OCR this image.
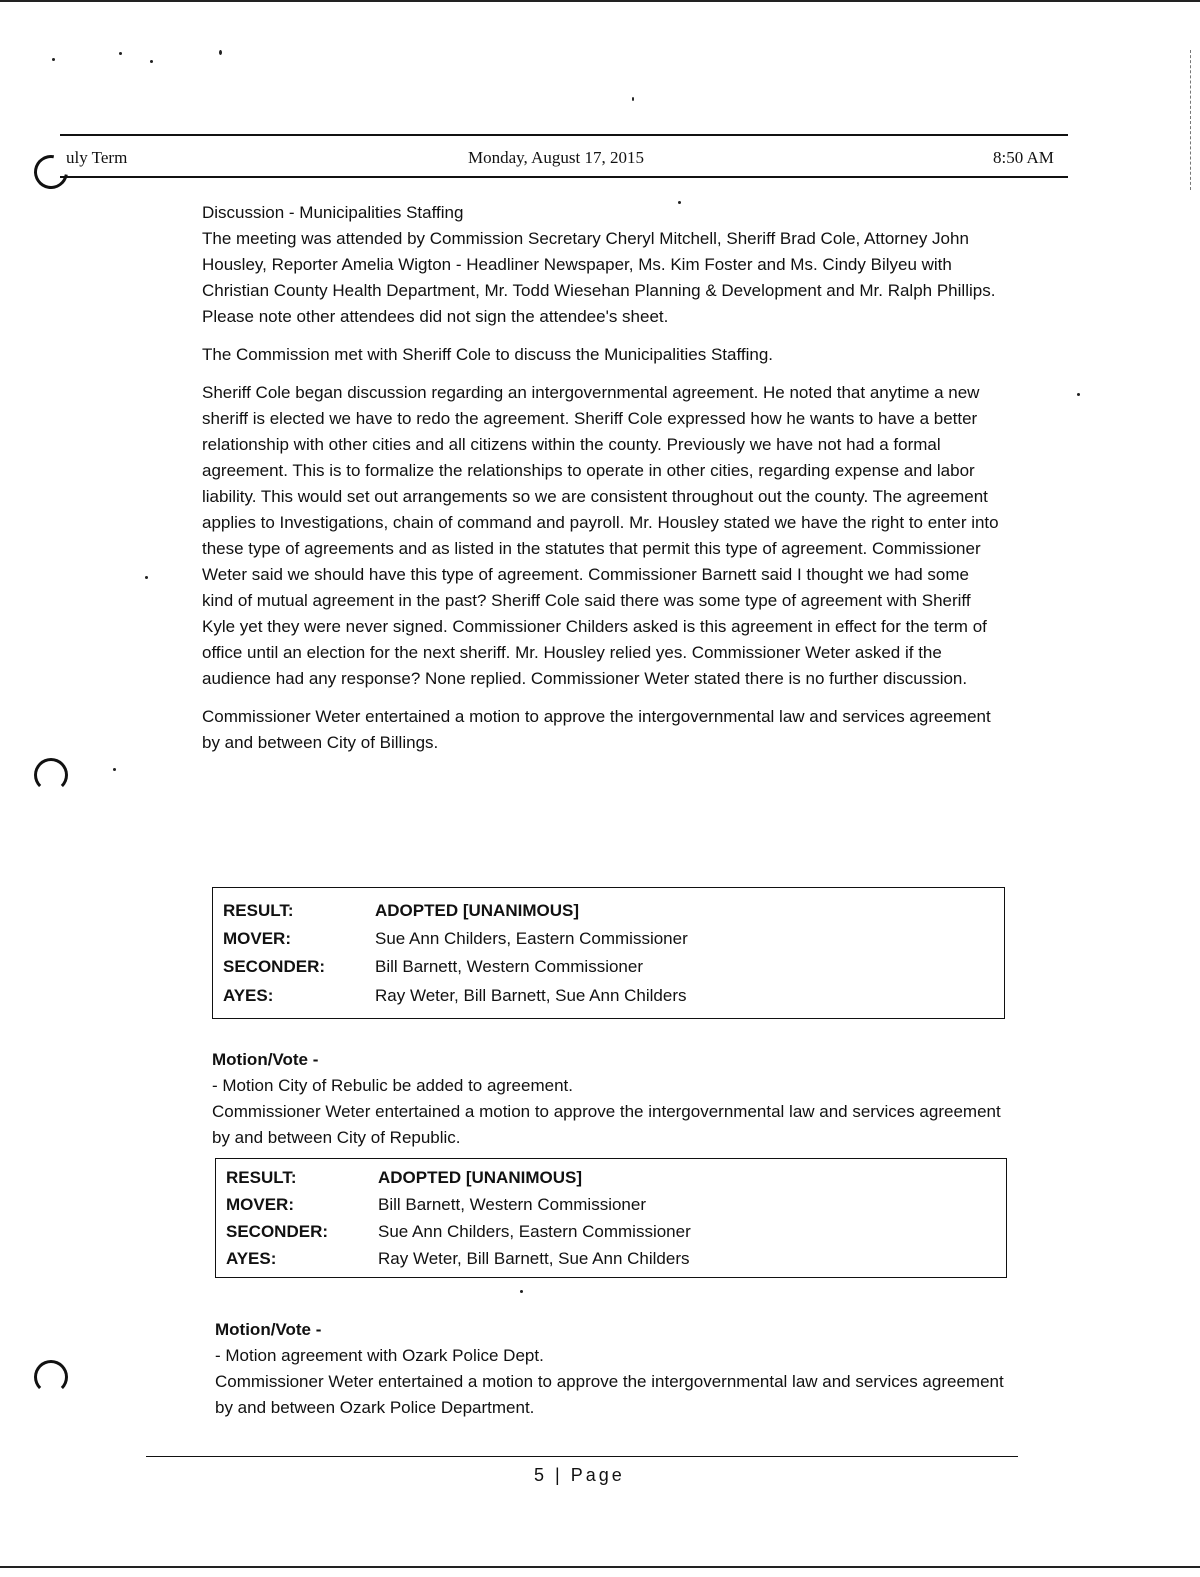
uly Term	Monday, August 17, 2015	8:50 AM

Discussion - Municipalities Staffing

The meeting was attended by Commission Secretary Cheryl Mitchell, Sheriff Brad Cole, Attorney John Housley, Reporter Amelia Wigton - Headliner Newspaper, Ms. Kim Foster and Ms. Cindy Bilyeu with Christian County Health Department, Mr. Todd Wiesehan Planning & Development and Mr. Ralph Phillips. Please note other attendees did not sign the attendee's sheet.

The Commission met with Sheriff Cole to discuss the Municipalities Staffing.

Sheriff Cole began discussion regarding an intergovernmental agreement. He noted that anytime a new sheriff is elected we have to redo the agreement. Sheriff Cole expressed how he wants to have a better relationship with other cities and all citizens within the county. Previously we have not had a formal agreement. This is to formalize the relationships to operate in other cities, regarding expense and labor liability. This would set out arrangements so we are consistent throughout out the county. The agreement applies to Investigations, chain of command and payroll. Mr. Housley stated we have the right to enter into these type of agreements and as listed in the statutes that permit this type of agreement. Commissioner Weter said we should have this type of agreement. Commissioner Barnett said I thought we had some kind of mutual agreement in the past? Sheriff Cole said there was some type of agreement with Sheriff Kyle yet they were never signed. Commissioner Childers asked is this agreement in effect for the term of office until an election for the next sheriff. Mr. Housley relied yes. Commissioner Weter asked if the audience had any response? None replied. Commissioner Weter stated there is no further discussion.

Commissioner Weter entertained a motion to approve the intergovernmental law and services agreement by and between City of Billings.

RESULT:	ADOPTED [UNANIMOUS]
MOVER:	Sue Ann Childers, Eastern Commissioner
SECONDER:	Bill Barnett, Western Commissioner
AYES:	Ray Weter, Bill Barnett, Sue Ann Childers
Motion/Vote -
- Motion City of Rebulic be added to agreement.
Commissioner Weter entertained a motion to approve the intergovernmental law and services agreement by and between City of Republic.
RESULT:	ADOPTED [UNANIMOUS]
MOVER:	Bill Barnett, Western Commissioner
SECONDER:	Sue Ann Childers, Eastern Commissioner
AYES:	Ray Weter, Bill Barnett, Sue Ann Childers
Motion/Vote -
- Motion agreement with Ozark Police Dept.
Commissioner Weter entertained a motion to approve the intergovernmental law and services agreement by and between Ozark Police Department.
5 | Page
